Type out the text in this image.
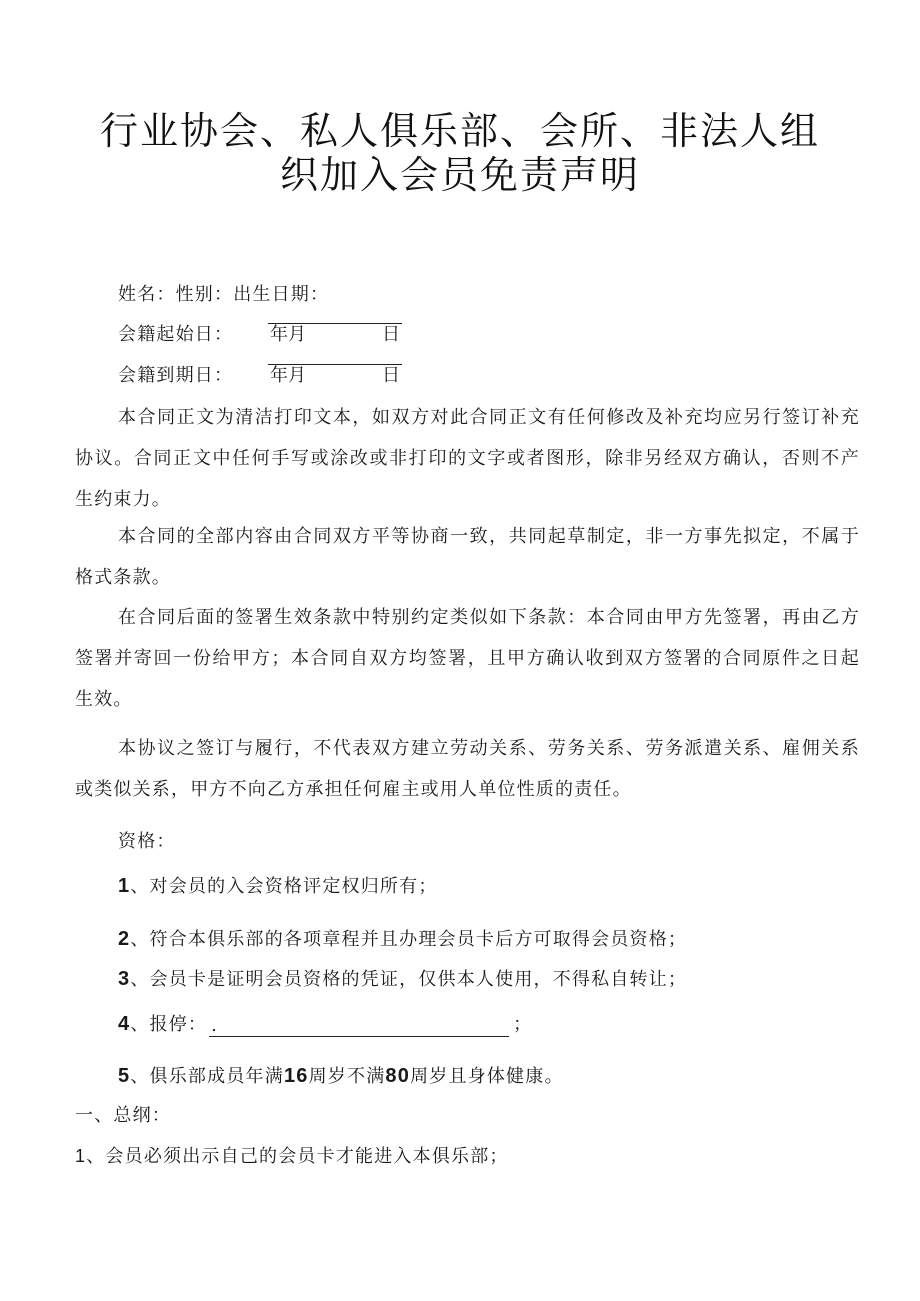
行业协会、私人俱乐部、会所、非法人组
织加入会员免责声明
姓名：性别：出生日期：
会籍起始日： 年月	日
会籍到期日： 年月	日

本合同正文为清洁打印文本，如双方对此合同正文有任何修改及补充均应另行签订补充协议。合同正文中任何手写或涂改或非打印的文字或者图形，除非另经双方确认，否则不产生约束力。

本合同的全部内容由合同双方平等协商一致，共同起草制定，非一方事先拟定，不属于格式条款。

在合同后面的签署生效条款中特别约定类似如下条款：本合同由甲方先签署，再由乙方签署并寄回一份给甲方；本合同自双方均签署，且甲方确认收到双方签署的合同原件之日起生效。

本协议之签订与履行，不代表双方建立劳动关系、劳务关系、劳务派遣关系、雇佣关系或类似关系，甲方不向乙方承担任何雇主或用人单位性质的责任。

资格：
1、对会员的入会资格评定权归所有；
2、符合本俱乐部的各项章程并且办理会员卡后方可取得会员资格；
3、会员卡是证明会员资格的凭证，仅供本人使用，不得私自转让；
4、报停： .	；
5、俱乐部成员年满16周岁不满80周岁且身体健康。
一、总纲：
1、会员必须出示自己的会员卡才能进入本俱乐部；
